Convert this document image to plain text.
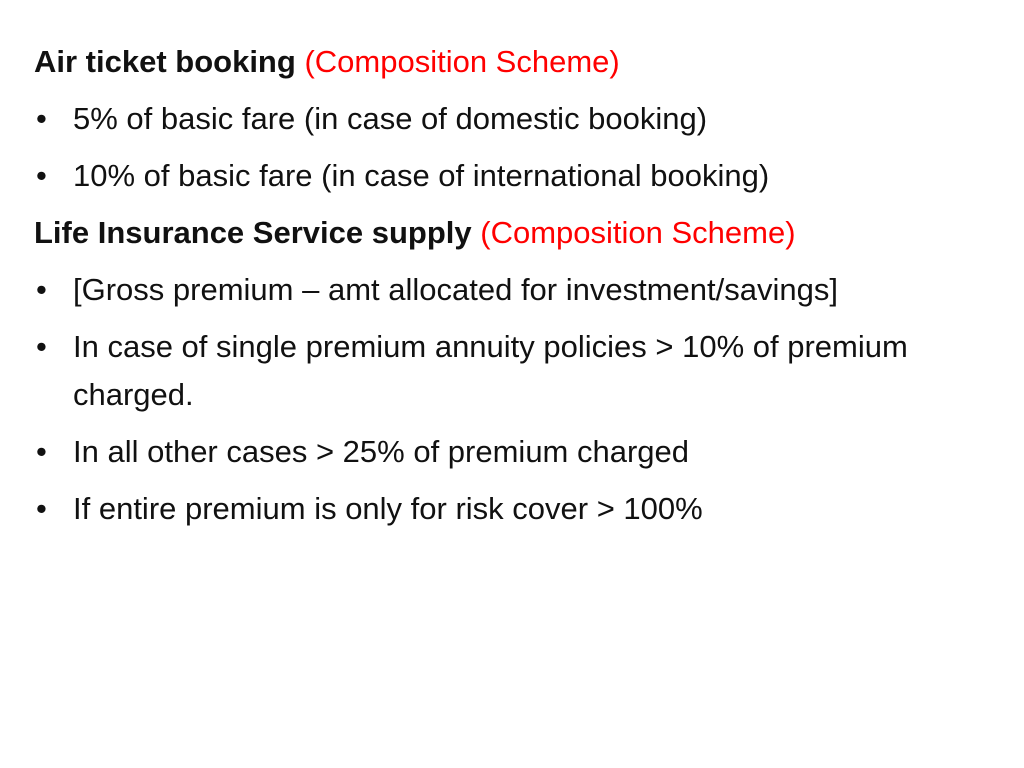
Air ticket booking (Composition Scheme)
• 5% of basic fare (in case of domestic booking)
• 10% of basic fare (in case of international booking)
Life Insurance Service supply (Composition Scheme)
• [Gross premium – amt allocated for investment/savings]
• In case of single premium annuity policies > 10% of premium charged.
• In all other cases > 25% of premium charged
• If entire premium is only for risk cover > 100%
